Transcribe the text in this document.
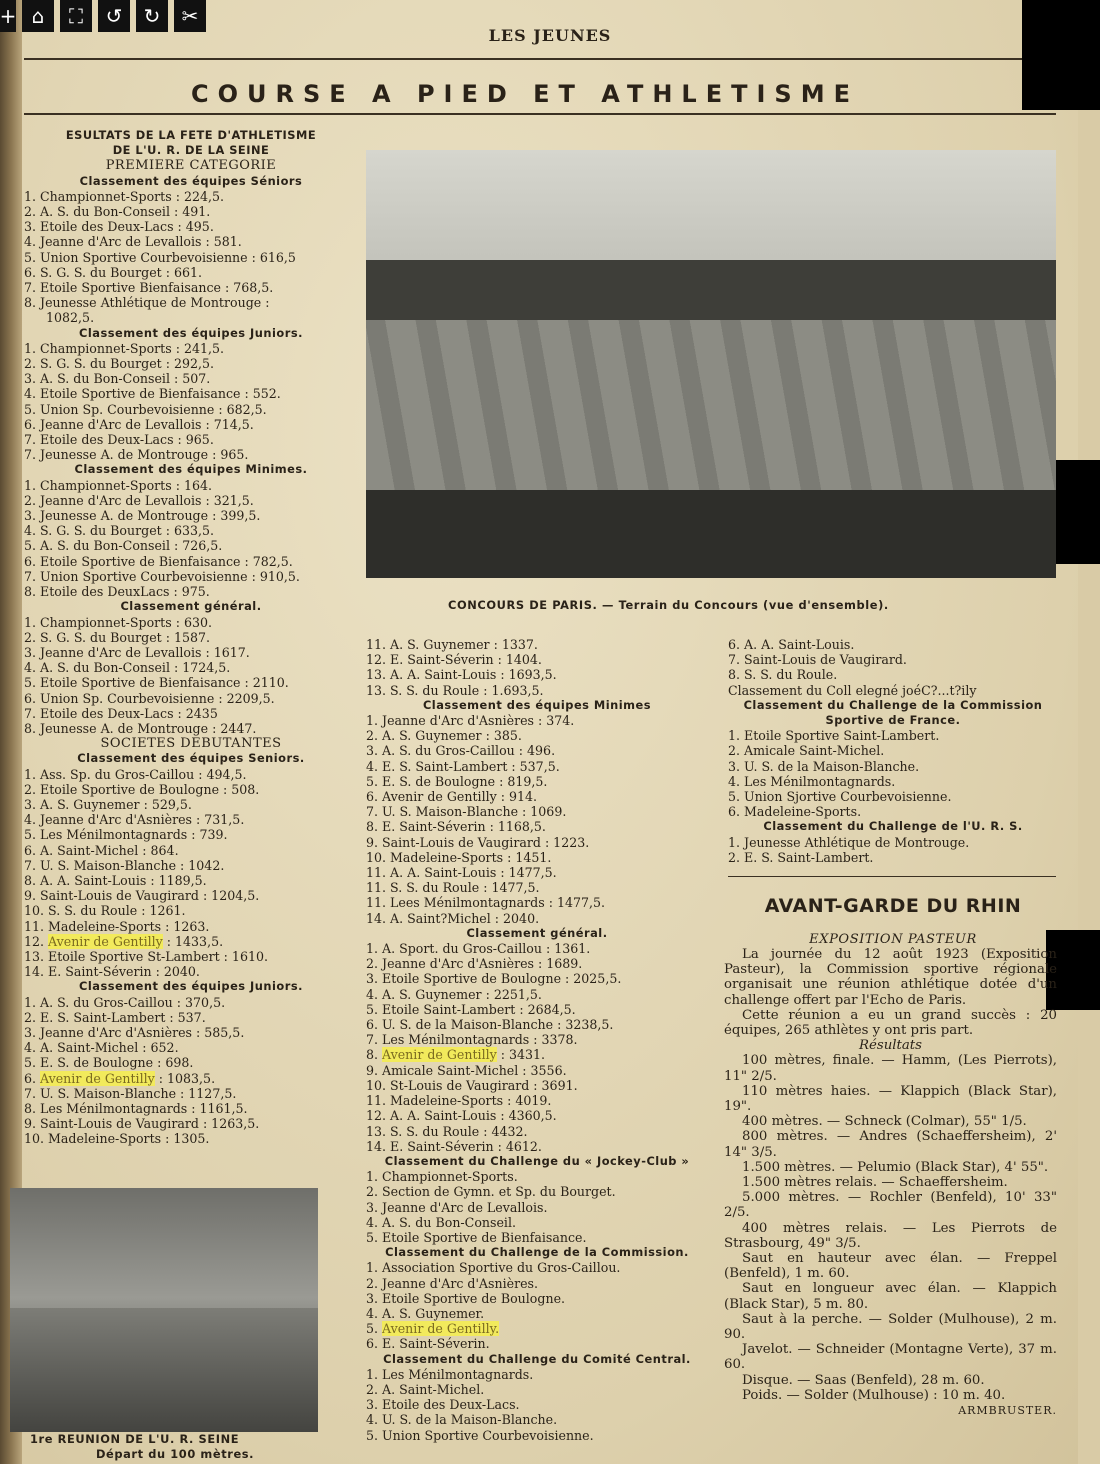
+ ⌂	⛶	↺	↻	✂
LES JEUNES
COURSE A PIED ET ATHLETISME
ESULTATS DE LA FETE D'ATHLETISME
DE L'U. R. DE LA SEINE
PREMIERE CATEGORIE
Classement des équipes Séniors
1. Championnet-Sports : 224,5.
2. A. S. du Bon-Conseil : 491.
3. Etoile des Deux-Lacs : 495.
4. Jeanne d'Arc de Levallois : 581.
5. Union Sportive Courbevoisienne : 616,5
6. S. G. S. du Bourget : 661.
7. Etoile Sportive Bienfaisance : 768,5.
8. Jeunesse Athlétique de Montrouge :
1082,5.
Classement des équipes Juniors.
1. Championnet-Sports : 241,5.
2. S. G. S. du Bourget : 292,5.
3. A. S. du Bon-Conseil : 507.
4. Etoile Sportive de Bienfaisance : 552.
5. Union Sp. Courbevoisienne : 682,5.
6. Jeanne d'Arc de Levallois : 714,5.
7. Etoile des Deux-Lacs : 965.
7. Jeunesse A. de Montrouge : 965.
Classement des équipes Minimes.
1. Championnet-Sports : 164.
2. Jeanne d'Arc de Levallois : 321,5.
3. Jeunesse A. de Montrouge : 399,5.
4. S. G. S. du Bourget : 633,5.
5. A. S. du Bon-Conseil : 726,5.
6. Etoile Sportive de Bienfaisance : 782,5.
7. Union Sportive Courbevoisienne : 910,5.
8. Etoile des DeuxLacs : 975.
Classement général.
1. Championnet-Sports : 630.
2. S. G. S. du Bourget : 1587.
3. Jeanne d'Arc de Levallois : 1617.
4. A. S. du Bon-Conseil : 1724,5.
5. Etoile Sportive de Bienfaisance : 2110.
6. Union Sp. Courbevoisienne : 2209,5.
7. Etoile des Deux-Lacs : 2435
8. Jeunesse A. de Montrouge : 2447.
SOCIETES DEBUTANTES
Classement des équipes Seniors.
1. Ass. Sp. du Gros-Caillou : 494,5.
2. Etoile Sportive de Boulogne : 508.
3. A. S. Guynemer : 529,5.
4. Jeanne d'Arc d'Asnières : 731,5.
5. Les Ménilmontagnards : 739.
6. A. Saint-Michel : 864.
7. U. S. Maison-Blanche : 1042.
8. A. A. Saint-Louis : 1189,5.
9. Saint-Louis de Vaugirard : 1204,5.
10. S. S. du Roule : 1261.
11. Madeleine-Sports : 1263.
12. Avenir de Gentilly : 1433,5.
13. Etoile Sportive St-Lambert : 1610.
14. E. Saint-Séverin : 2040.
Classement des équipes Juniors.
1. A. S. du Gros-Caillou : 370,5.
2. E. S. Saint-Lambert : 537.
3. Jeanne d'Arc d'Asnières : 585,5.
4. A. Saint-Michel : 652.
5. E. S. de Boulogne : 698.
6. Avenir de Gentilly : 1083,5.
7. U. S. Maison-Blanche : 1127,5.
8. Les Ménilmontagnards : 1161,5.
9. Saint-Louis de Vaugirard : 1263,5.
10. Madeleine-Sports : 1305.
CONCOURS DE PARIS. — Terrain du Concours (vue d'ensemble).
11. A. S. Guynemer : 1337.
12. E. Saint-Séverin : 1404.
13. A. A. Saint-Louis : 1693,5.
13. S. S. du Roule : 1.693,5.
Classement des équipes Minimes
1. Jeanne d'Arc d'Asnières : 374.
2. A. S. Guynemer : 385.
3. A. S. du Gros-Caillou : 496.
4. E. S. Saint-Lambert : 537,5.
5. E. S. de Boulogne : 819,5.
6. Avenir de Gentilly : 914.
7. U. S. Maison-Blanche : 1069.
8. E. Saint-Séverin : 1168,5.
9. Saint-Louis de Vaugirard : 1223.
10. Madeleine-Sports : 1451.
11. A. A. Saint-Louis : 1477,5.
11. S. S. du Roule : 1477,5.
11. Lees Ménilmontagnards : 1477,5.
14. A. Saint?Michel : 2040.
Classement général.
1. A. Sport. du Gros-Caillou : 1361.
2. Jeanne d'Arc d'Asnières : 1689.
3. Etoile Sportive de Boulogne : 2025,5.
4. A. S. Guynemer : 2251,5.
5. Etoile Saint-Lambert : 2684,5.
6. U. S. de la Maison-Blanche : 3238,5.
7. Les Ménilmontagnards : 3378.
8. Avenir de Gentilly : 3431.
9. Amicale Saint-Michel : 3556.
10. St-Louis de Vaugirard : 3691.
11. Madeleine-Sports : 4019.
12. A. A. Saint-Louis : 4360,5.
13. S. S. du Roule : 4432.
14. E. Saint-Séverin : 4612.
Classement du Challenge du « Jockey-Club »
1. Championnet-Sports.
2. Section de Gymn. et Sp. du Bourget.
3. Jeanne d'Arc de Levallois.
4. A. S. du Bon-Conseil.
5. Etoile Sportive de Bienfaisance.
Classement du Challenge de la Commission.
1. Association Sportive du Gros-Caillou.
2. Jeanne d'Arc d'Asnières.
3. Etoile Sportive de Boulogne.
4. A. S. Guynemer.
5. Avenir de Gentilly.
6. E. Saint-Séverin.
Classement du Challenge du Comité Central.
1. Les Ménilmontagnards.
2. A. Saint-Michel.
3. Etoile des Deux-Lacs.
4. U. S. de la Maison-Blanche.
5. Union Sportive Courbevoisienne.
6. A. A. Saint-Louis.
7. Saint-Louis de Vaugirard.
8. S. S. du Roule.
Classement du Coll elegné joéC?...t?ily
Classement du Challenge de la Commission
Sportive de France.
1. Etoile Sportive Saint-Lambert.
2. Amicale Saint-Michel.
3. U. S. de la Maison-Blanche.
4. Les Ménilmontagnards.
5. Union Sjortive Courbevoisienne.
6. Madeleine-Sports.
Classement du Challenge de l'U. R. S.
1. Jeunesse Athlétique de Montrouge.
2. E. S. Saint-Lambert.
AVANT-GARDE DU RHIN
EXPOSITION PASTEUR
La journée du 12 août 1923 (Exposition Pasteur), la Commission sportive régionale organisait une réunion athlétique dotée d'un challenge offert par l'Echo de Paris.
Cette réunion a eu un grand succès : 20 équipes, 265 athlètes y ont pris part.
Résultats
100 mètres, finale. — Hamm, (Les Pierrots), 11" 2/5.
110 mètres haies. — Klappich (Black Star), 19".
400 mètres. — Schneck (Colmar), 55" 1/5.
800 mètres. — Andres (Schaeffersheim), 2' 14" 3/5.
1.500 mètres. — Pelumio (Black Star), 4' 55".
1.500 mètres relais. — Schaeffersheim.
5.000 mètres. — Rochler (Benfeld), 10' 33" 2/5.
400 mètres relais. — Les Pierrots de Strasbourg, 49" 3/5.
Saut en hauteur avec élan. — Freppel (Benfeld), 1 m. 60.
Saut en longueur avec élan. — Klappich (Black Star), 5 m. 80.
Saut à la perche. — Solder (Mulhouse), 2 m. 90.
Javelot. — Schneider (Montagne Verte), 37 m. 60.
Disque. — Saas (Benfeld), 28 m. 60.
Poids. — Solder (Mulhouse) : 10 m. 40.
ARMBRUSTER.
1re REUNION DE L'U. R. SEINE
Départ du 100 mètres.
